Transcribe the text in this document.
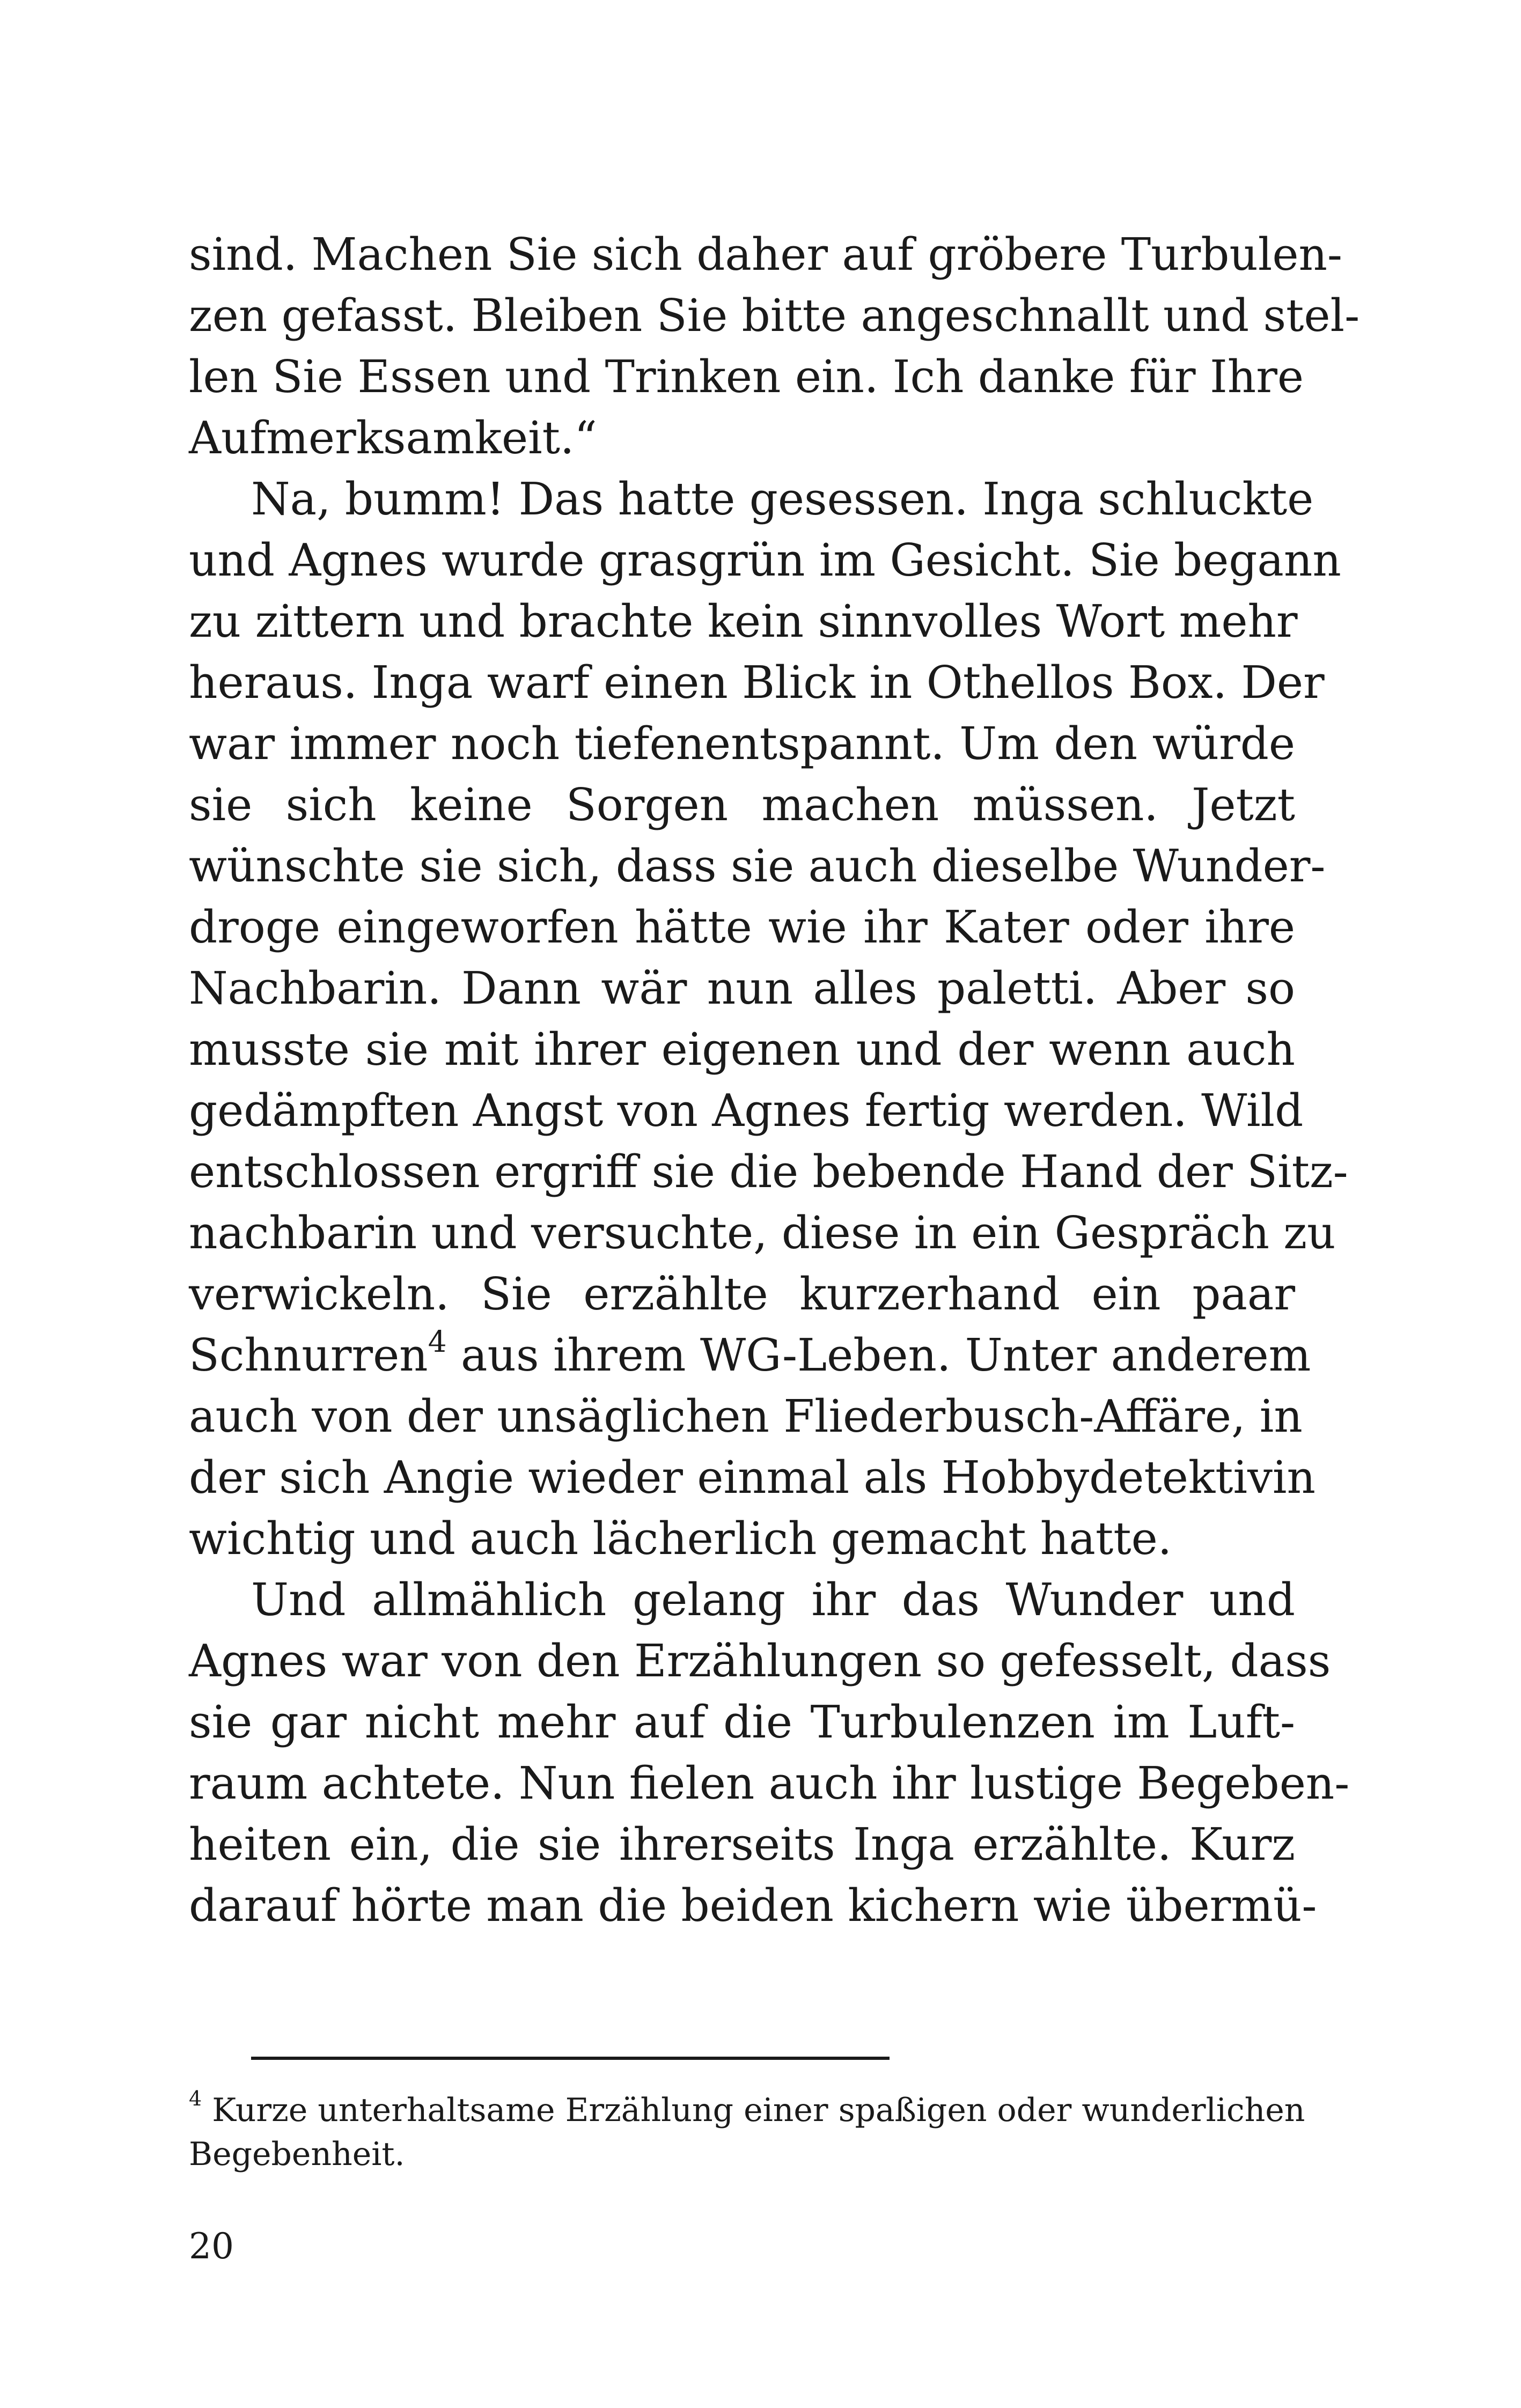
sind. Machen Sie sich daher auf gröbere Turbulen-
zen gefasst. Bleiben Sie bitte angeschnallt und stel-
len Sie Essen und Trinken ein. Ich danke für Ihre
Aufmerksamkeit.“
Na, bumm! Das hatte gesessen. Inga schluckte
und Agnes wurde grasgrün im Gesicht. Sie begann
zu zittern und brachte kein sinnvolles Wort mehr
heraus. Inga warf einen Blick in Othellos Box. Der
war immer noch tiefenentspannt. Um den würde
sie sich keine Sorgen machen müssen. Jetzt
wünschte sie sich, dass sie auch dieselbe Wunder-
droge eingeworfen hätte wie ihr Kater oder ihre
Nachbarin. Dann wär nun alles paletti. Aber so
musste sie mit ihrer eigenen und der wenn auch
gedämpften Angst von Agnes fertig werden. Wild
entschlossen ergriff sie die bebende Hand der Sitz-
nachbarin und versuchte, diese in ein Gespräch zu
verwickeln. Sie erzählte kurzerhand ein paar
Schnurren$^4$ aus ihrem WG-Leben. Unter anderem
auch von der unsäglichen Fliederbusch-Affäre, in
der sich Angie wieder einmal als Hobbydetektivin
wichtig und auch lächerlich gemacht hatte.
Und allmählich gelang ihr das Wunder und
Agnes war von den Erzählungen so gefesselt, dass
sie gar nicht mehr auf die Turbulenzen im Luft-
raum achtete. Nun fielen auch ihr lustige Begeben-
heiten ein, die sie ihrerseits Inga erzählte. Kurz
darauf hörte man die beiden kichern wie übermü-
$^4$ Kurze unterhaltsame Erzählung einer spaßigen oder wunderlichen
Begebenheit.
20
